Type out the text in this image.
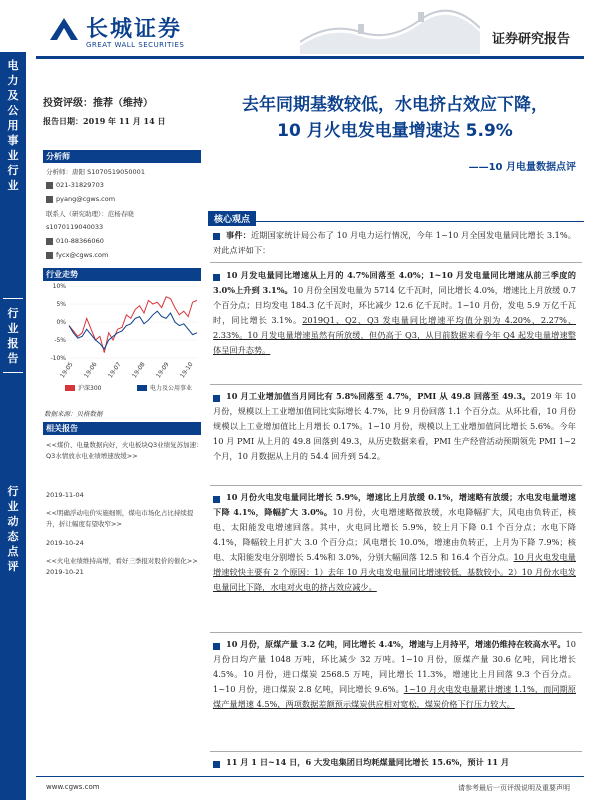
长城证券
GREAT WALL SECURITIES	证券研究报告
电力及公用事业行业
行业报告
行业动态点评
投资评级：推荐（维持）
报告日期：2019 年 11 月 14 日
分析师
分析师：唐阳 S1070519050001
021-31829703
pyang@cgws.com
联系人（研究助理）：范杨春晓
s1070119040033
010-88366060
fycx@cgws.com
行业走势
10%
5%
0%
-5%
-10%
19-05 19-06 19-07 19-08 19-09 19-10
沪深300	电力及公用事业
数据来源：贝格数据
相关报告
<<煤价、电量数据向好，火电板块Q3业绩复苏加速：Q3水情放水电业绩增速放缓>>
2019-11-04
<<明确浮动电价实施细则，煤电市场化占比持续提升，折让幅度有望收窄>>
2019-10-24
<<火电业绩维持高增，看好三季报对股价的催化>> 2019-10-21
去年同期基数较低，水电挤占效应下降，
10 月火电发电量增速达 5.9%
——10 月电量数据点评
核心观点
事件：近期国家统计局公布了 10 月电力运行情况，今年 1~10 月全国发电量同比增长 3.1%。对此点评如下：
10 月发电量同比增速从上月的 4.7%回落至 4.0%；1~10 月发电量同比增速从前三季度的 3.0%上升到 3.1%。10 月份全国发电量为 5714 亿千瓦时，同比增长 4.0%，增速比上月放缓 0.7 个百分点；日均发电 184.3 亿千瓦时，环比减少 12.6 亿千瓦时。1~10 月份，发电 5.9 万亿千瓦时，同比增长 3.1%。2019Q1、Q2、Q3 发电量同比增速平均值分别为 4.20%、2.27%、2.33%。10 月发电量增速虽然有所放缓，但仍高于 Q3，从目前数据来看今年 Q4 起发电量增速整体呈回升态势。
10 月工业增加值当月同比有 5.8%回落至 4.7%，PMI 从 49.8 回落至 49.3。2019 年 10 月份，规模以上工业增加值同比实际增长 4.7%，比 9 月份回落 1.1 个百分点。从环比看，10 月份规模以上工业增加值比上月增长 0.17%。1~10 月份，规模以上工业增加值同比增长 5.6%。今年 10 月 PMI 从上月的 49.8 回落到 49.3，从历史数据来看，PMI 生产经营活动预期领先 PMI 1~2 个月，10 月数据从上月的 54.4 回升到 54.2。
10 月份火电发电量同比增长 5.9%，增速比上月放缓 0.1%，增速略有放缓；水电发电量增速下降 4.1%，降幅扩大 3.0%。10 月份，火电增速略微放缓，水电降幅扩大，风电由负转正，核电、太阳能发电增速回落。其中，火电同比增长 5.9%，较上月下降 0.1 个百分点；水电下降 4.1%，降幅较上月扩大 3.0 个百分点；风电增长 10.0%，增速由负转正，上月为下降 7.9%；核电、太阳能发电分别增长 5.4%和 3.0%，分别大幅回落 12.5 和 16.4 个百分点。10 月火电发电量增速较快主要有 2 个原因：1）去年 10 月火电发电量同比增速较低，基数较小。2）10 月份水电发电量同比下降，水电对火电的挤占效应减少。
10 月份，原煤产量 3.2 亿吨，同比增长 4.4%，增速与上月持平，增速仍维持在较高水平。10 月份日均产量 1048 万吨，环比减少 32 万吨。1~10 月份，原煤产量 30.6 亿吨，同比增长 4.5%。10 月份，进口煤炭 2568.5 万吨，同比增长 11.3%，增速比上月回落 9.3 个百分点。1~10 月份，进口煤炭 2.8 亿吨，同比增长 9.6%。1~10 月火电发电量累计增速 1.1%，而同期原煤产量增速 4.5%，两项数据差额预示煤炭供应相对宽松，煤炭价格下行压力较大。
11 月 1 日~14 日，6 大发电集团日均耗煤量同比增长 15.6%，预计 11 月
www.cgws.com	请参考最后一页评级说明及重要声明
